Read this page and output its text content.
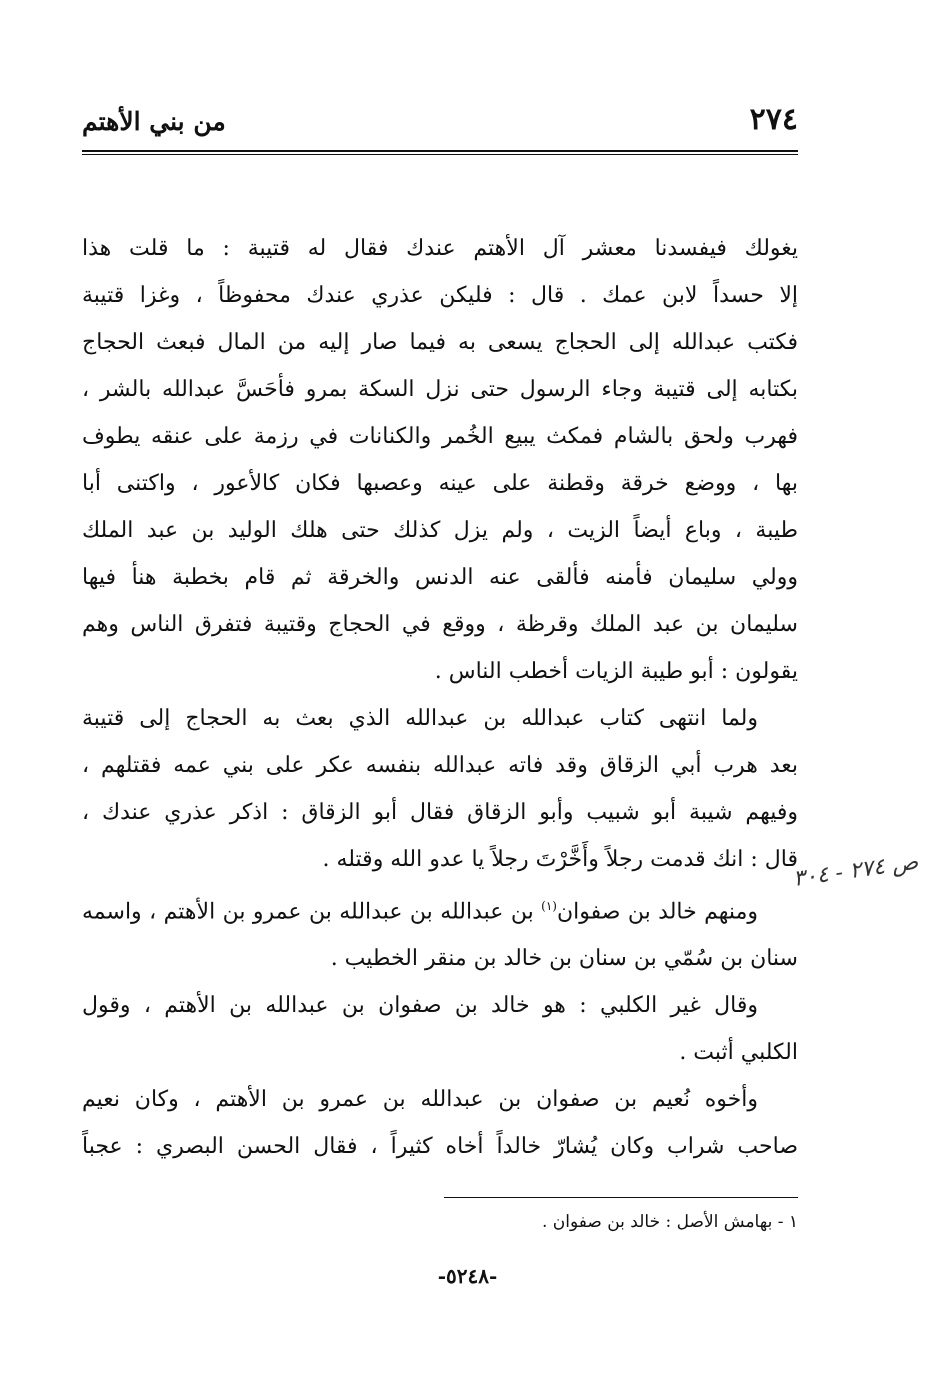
٢٧٤
من بني الأهتم
يغولك فيفسدنا معشر آل الأهتم عندك فقال له قتيبة : ما قلت هذا
إلا حسداً لابن عمك . قال : فليكن عذري عندك محفوظاً ، وغزا قتيبة
فكتب عبدالله إلى الحجاج يسعى به فيما صار إليه من المال فبعث الحجاج
بكتابه إلى قتيبة وجاء الرسول حتى نزل السكة بمرو فأحَسَّ عبدالله بالشر ،
فهرب ولحق بالشام فمكث يبيع الخُمر والكنانات في رزمة على عنقه يطوف
بها ، ووضع خرقة وقطنة على عينه وعصبها فكان كالأعور ، واكتنى أبا
طيبة ، وباع أيضاً الزيت ، ولم يزل كذلك حتى هلك الوليد بن عبد الملك
وولي سليمان فأمنه فألقى عنه الدنس والخرقة ثم قام بخطبة هنأ فيها
سليمان بن عبد الملك وقرظة ، ووقع في الحجاج وقتيبة فتفرق الناس وهم
يقولون : أبو طيبة الزيات أخطب الناس .
ولما انتهى كتاب عبدالله بن عبدالله الذي بعث به الحجاج إلى قتيبة
بعد هرب أبي الزقاق وقد فاته عبدالله بنفسه عكر على بني عمه فقتلهم ،
وفيهم شيبة أبو شبيب وأبو الزقاق فقال أبو الزقاق : اذكر عذري عندك ،
قال : انك قدمت رجلاً وأَخَّرْتَ رجلاً يا عدو الله وقتله .
ومنهم خالد بن صفوان$^{(١)}$ بن عبدالله بن عبدالله بن عمرو بن الأهتم ، واسمه
سنان بن سُمّي بن سنان بن خالد بن منقر الخطيب .
وقال غير الكلبي : هو خالد بن صفوان بن عبدالله بن الأهتم ، وقول
الكلبي أثبت .
وأخوه نُعيم بن صفوان بن عبدالله بن عمرو بن الأهتم ، وكان نعيم
صاحب شراب وكان يُشارّ خالداً أخاه كثيراً ، فقال الحسن البصري : عجباً
ص ٢٧٤ - ٣٠٤
١ - بهامش الأصل : خالد بن صفوان .
-٥٢٤٨-
